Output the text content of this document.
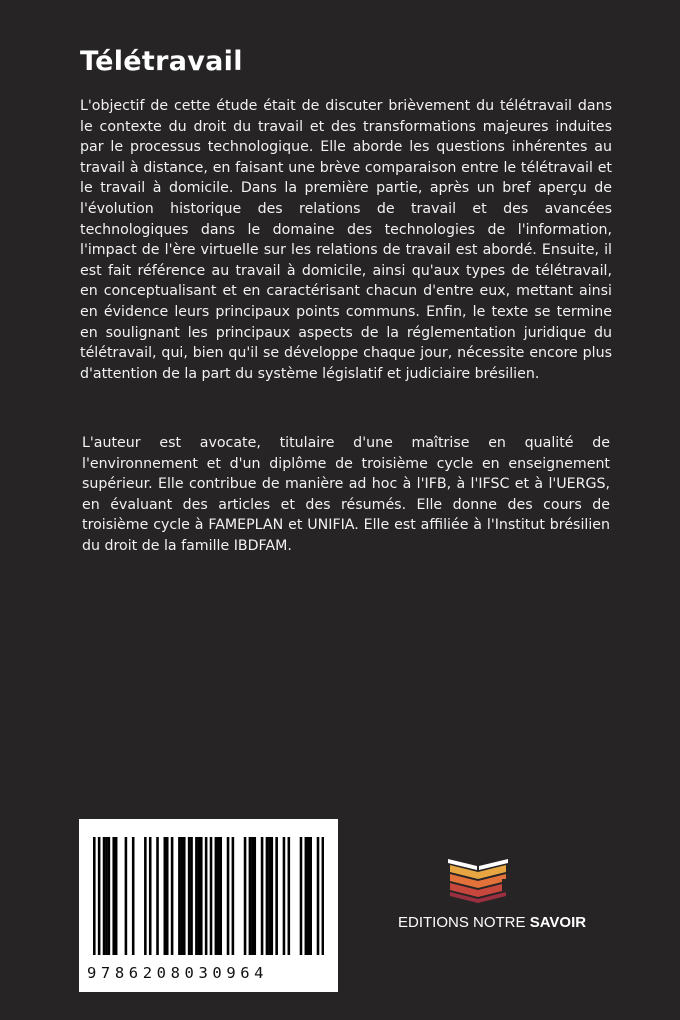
Télétravail

L'objectif de cette étude était de discuter brièvement du télétravail dans le contexte du droit du travail et des transformations majeures induites par le processus technologique. Elle aborde les questions inhérentes au travail à distance, en faisant une brève comparaison entre le télétravail et le travail à domicile. Dans la première partie, après un bref aperçu de l'évolution historique des relations de travail et des avancées technologiques dans le domaine des technologies de l'information, l'impact de l'ère virtuelle sur les relations de travail est abordé. Ensuite, il est fait référence au travail à domicile, ainsi qu'aux types de télétravail, en conceptualisant et en caractérisant chacun d'entre eux, mettant ainsi en évidence leurs principaux points communs. Enfin, le texte se termine en soulignant les principaux aspects de la réglementation juridique du télétravail, qui, bien qu'il se développe chaque jour, nécessite encore plus d'attention de la part du système législatif et judiciaire brésilien.

L'auteur est avocate, titulaire d'une maîtrise en qualité de l'environnement et d'un diplôme de troisième cycle en enseignement supérieur. Elle contribue de manière ad hoc à l'IFB, à l'IFSC et à l'UERGS, en évaluant des articles et des résumés. Elle donne des cours de troisième cycle à FAMEPLAN et UNIFIA. Elle est affiliée à l'Institut brésilien du droit de la famille IBDFAM.

9786208030964
EDITIONS NOTRE SAVOIR
